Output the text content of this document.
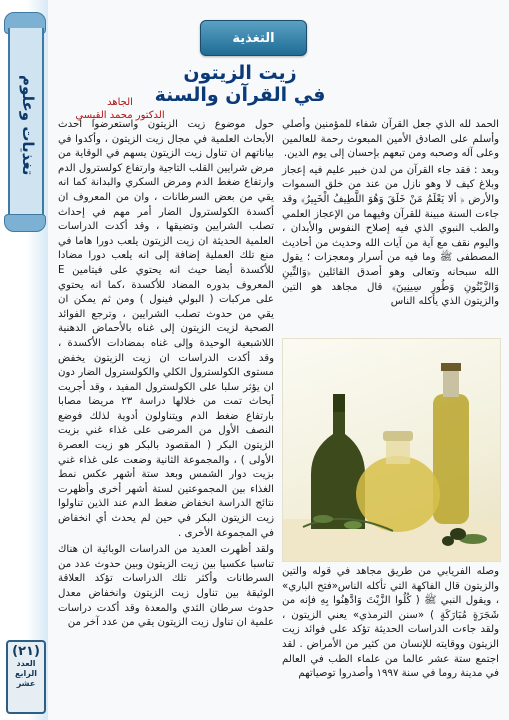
تغذيات وعلوم
(٢١)
العدد الرابع عشر
التغذية
زيت الزيتون
في القرآن والسنة
الجاهد
الدكتور محمد القيسي

الحمد لله الذي جعل القرآن شفاء للمؤمنين وأصلي وأسلم على الصادق الأمين المبعوث رحمة للعالمين وعلى آله وصحبه ومن تبعهم بإحسان إلى يوم الدين.

وبعد : فقد جاء القرآن من لدن خبير عليم فيه إعجاز وبلاغ كيف لا وهو نازل من عند من خلق السموات والأرض ﴿ ألا يَعْلَمُ مَنْ خَلَقَ وَهُوَ اللَّطِيفُ الْخَبِيرُ﴾ وقد جاءت السنة مبينة للقرآن وفيهما من الإعجاز العلمي والطب النبوي الذي فيه إصلاح النفوس والأبدان ، واليوم نقف مع آية من آيات الله وحديث من أحاديث المصطفى ﷺ وما فيه من أسرار ومعجزات ؛ يقول الله سبحانه وتعالى وهو أصدق القائلين ﴿وَالتِّينِ وَالزَّيْتُونِ وَطُورِ سِينِينَ﴾ قال مجاهد هو التين والزيتون الذي يأكله الناس

وصله الفريابي من طريق مجاهد في قوله والتين والزيتون قال الفاكهة التي تأكله الناس«فتح الباري» ، ويقول النبي ﷺ ( كُلُوا الزَّيْتَ وَادَّهِنُوا بِهِ فإنه من شَجَرَةٍ مُبَارَكَةٍ ) «سنن الترمذي» يعني الزيتون ، ولقد جاءت الدراسات الحديثة تؤكد على فوائد زيت الزيتون ووقايته للإنسان من كثير من الأمراض . لقد اجتمع ستة عشر عالما من علماء الطب في العالم في مدينة روما في سنة ١٩٩٧ وأصدروا توصياتهم

حول موضوع زيت الزيتون واستعرضوا احدث الأبحاث العلمية في مجال زيت الزيتون ، وأكدوا في بياناتهم ان تناول زيت الزيتون يسهم في الوقاية من مرض شرايين القلب التاجية وارتفاع كولسترول الدم وارتفاع ضغط الدم ومرض السكري والبدانة كما انه يقي من بعض السرطانات ، وان من المعروف ان أكسدة الكولسترول الضار أمر مهم في إحداث تصلب الشرايين وتضيقها ، وقد أكدت الدراسات العلمية الحديثة ان زيت الزيتون يلعب دورا هاما في منع تلك العملية إضافة إلى انه يلعب دورا مضادا للأكسدة أيضا حيث انه يحتوي على فيتامين E المعروف بدوره المضاد للأكسدة ،كما انه يحتوي على مركبات ( البولي فينول ) ومن ثم يمكن ان يقي من حدوث تصلب الشرايين ، وترجع الفوائد الصحية لزيت الزيتون إلى غناه بالأحماض الدهنية اللاشبعية الوحيدة وإلى غناه بمضادات الأكسدة ، وقد أكدت الدراسات ان زيت الزيتون يخفض مستوى الكولسترول الكلي والكولسترول الضار دون ان يؤثر سلبا على الكولسترول المفيد ، وقد أجريت أبحاث تمت من خلالها دراسة ٢٣ مريضا مصابا بارتفاع ضغط الدم ويتناولون أدوية لذلك فوضع النصف الأول من المرضى على غذاء غني بزيت الزيتون البكر ( المقصود بالبكر هو زيت العصرة الأولى ) ، والمجموعة الثانية وضعت على غذاء غني بزيت دوار الشمس وبعد ستة أشهر عكس نمط الغذاء بين المجموعتين لستة أشهر أخرى وأظهرت نتائج الدراسة انخفاض ضغط الدم عند الذين تناولوا زيت الزيتون البكر في حين لم يحدث أي انخفاض في المجموعة الأخرى .

ولقد أظهرت العديد من الدراسات الوبائية ان هناك تناسبا عكسيا بين زيت الزيتون وبين حدوث عدد من السرطانات وأكثر تلك الدراسات تؤكد العلاقة الوثيقة بين تناول زيت الزيتون وانخفاض معدل حدوث سرطان الثدي والمعدة وقد أكدت دراسات علمية ان تناول زيت الزيتون يقي من عدد آخر من
